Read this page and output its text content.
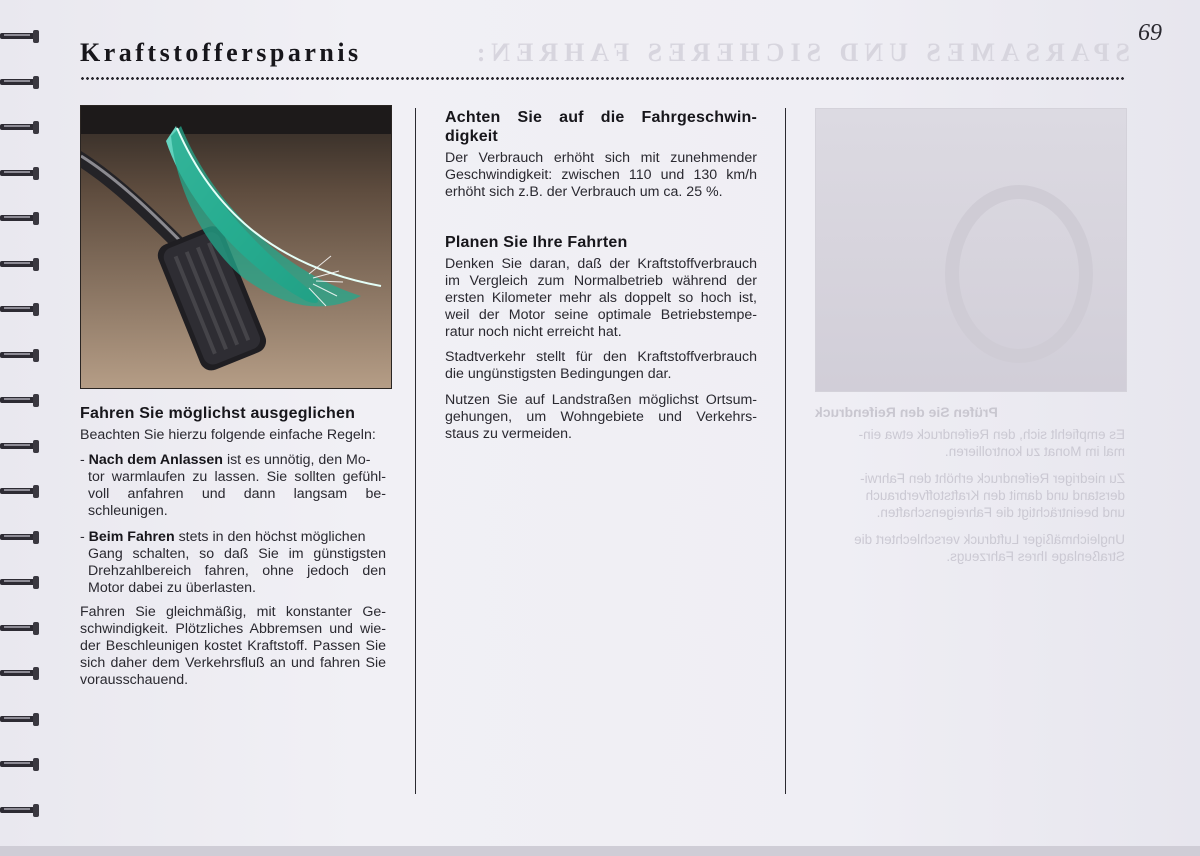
SPARSAMES UND SICHERES FAHREN:
Kraftstoffersparnis
69
Fahren Sie möglichst ausgeglichen
Beachten Sie hierzu folgende einfache Regeln:
- Nach dem Anlassen ist es unnötig, den Mo-
tor warmlaufen zu lassen. Sie sollten gefühl-
voll anfahren und dann langsam be-
schleunigen.
- Beim Fahren stets in den höchst möglichen
Gang schalten, so daß Sie im günstigsten
Drehzahlbereich fahren, ohne jedoch den
Motor dabei zu überlasten.
Fahren Sie gleichmäßig, mit konstanter Ge-
schwindigkeit. Plötzliches Abbremsen und wie-
der Beschleunigen kostet Kraftstoff. Passen Sie
sich daher dem Verkehrsfluß an und fahren Sie
vorausschauend.
Achten Sie auf die Fahrgeschwin-
digkeit
Der Verbrauch erhöht sich mit zunehmender
Geschwindigkeit: zwischen 110 und 130 km/h
erhöht sich z.B. der Verbrauch um ca. 25 %.
Planen Sie Ihre Fahrten
Denken Sie daran, daß der Kraftstoffverbrauch
im Vergleich zum Normalbetrieb während der
ersten Kilometer mehr als doppelt so hoch ist,
weil der Motor seine optimale Betriebstempe-
ratur noch nicht erreicht hat.
Stadtverkehr stellt für den Kraftstoffverbrauch
die ungünstigsten Bedingungen dar.
Nutzen Sie auf Landstraßen möglichst Ortsum-
gehungen, um Wohngebiete und Verkehrs-
staus zu vermeiden.
Prüfen Sie den Reifendruck
Es empfiehlt sich, den Reifendruck etwa ein-
mal im Monat zu kontrollieren.
Zu niedriger Reifendruck erhöht den Fahrwi-
derstand und damit den Kraftstoffverbrauch
und beeinträchtigt die Fahreigenschaften.
Ungleichmäßiger Luftdruck verschlechtert die
Straßenlage Ihres Fahrzeugs.
